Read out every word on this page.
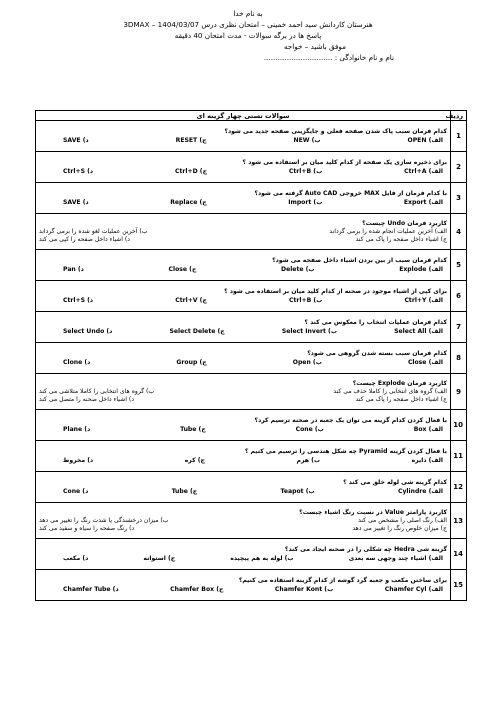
به نام خدا
هنرستان کاردانش سید احمد خمینی – امتحان نظری درس 3DMAX – 1404/03/07
پاسخ ها در برگه سوالات - مدت امتحان 40 دقیقه
موفق باشید – خواجه
نام و نام خانوادگی : ..............................
ردیف	سوالات تستی چهار گزینه ای
1	کدام فرمان سبب پاک شدن صفحه فعلی و جایگزینی صفحه جدید می شود؟
الف) OPEN
ب) NEW
ج) RESET
د) SAVE

2	برای ذخیره سازی یک صفحه از کدام کلید میان بر استفاده می شود ؟
الف) Ctrl+A
ب) Ctrl+B
ج) Ctrl+D
د) Ctrl+S

3	با کدام فرمان از فایل MAX خروجی Auto CAD گرفته می شود؟
الف) Export
ب) Import
ج) Replace
د) SAVE

4	کاربرد فرمان Undo چیست؟
الف) آخرین عملیات انجام شده را برمی گرداند
ب) آخرین عملیات لغو شده را برمی گرداند
ج) اشیاء داخل صفحه را پاک می کند
د) اشیاء داخل صفحه را کپی می کند

5	کدام فرمان سبب از بین بردن اشیاء داخل صفحه می شود؟
الف) Explode
ب) Delete
ج) Close
د) Pan

6	برای کپی از اشیاء موجود در صحنه از کدام کلید میان بر استفاده می شود ؟
الف) Ctrl+Y
ب) Ctrl+B
ج) Ctrl+V
د) Ctrl+S

7	کدام فرمان عملیات انتخاب را معکوس می کند ؟
الف) Select All
ب) Select Invert
ج) Select Delete
د) Select Undo

8	کدام فرمان سبب بسته شدن گروهی می شود؟
الف) Close
ب) Open
ج) Group
د) Clone

9	کاربرد فرمان Explode چیست؟
الف) گروه های انتخابی را کاملا حذف می کند
ب) گروه های انتخابی را کاملا متلاشی می کند
ج) اشیاء داخل صفحه را پاک می کند
د) اشیاء داخل صحنه را متصل می کند

10	با فعال کردن کدام گزینه می توان یک جعبه در صحنه ترسیم کرد؟
الف) Box
ب) Cone
ج) Tube
د) Plane

11	با فعال کردن گزینه Pyramid چه شکل هندسی را ترسیم می کنیم ؟
الف) دایره
ب) هرم
ج) کره
د) مخروط

12	کدام گزینه شی لوله خلق می کند ؟
الف) Cylindre
ب) Teapot
ج) Tube
د) Cone

13	کاربرد پارامتر Value در نسبت رنگ اشیاء چیست؟
الف) رنگ اصلی را مشخص می کند
ب) میزان درخشندگی یا شدت رنگ را تغییر می دهد
ج) میزان خلوص رنگ را تغییر می دهد
د) رنگ صفحه را سیاه و سفید می کند

14	گزینه شی Hedra چه شکلی را در صحنه ایجاد می کند؟
الف) اشیاء چند وجهی سه بعدی
ب) لوله به هم پیچیده
ج) استوانه
د) مکعب

15	برای ساختن مکعب و جعبه گرد گوشه از کدام گزینه استفاده می کنیم؟
الف) Chamfer Cyl
ب) Chamfer Kont
ج) Chamfer Box
د) Chamfer Tube
